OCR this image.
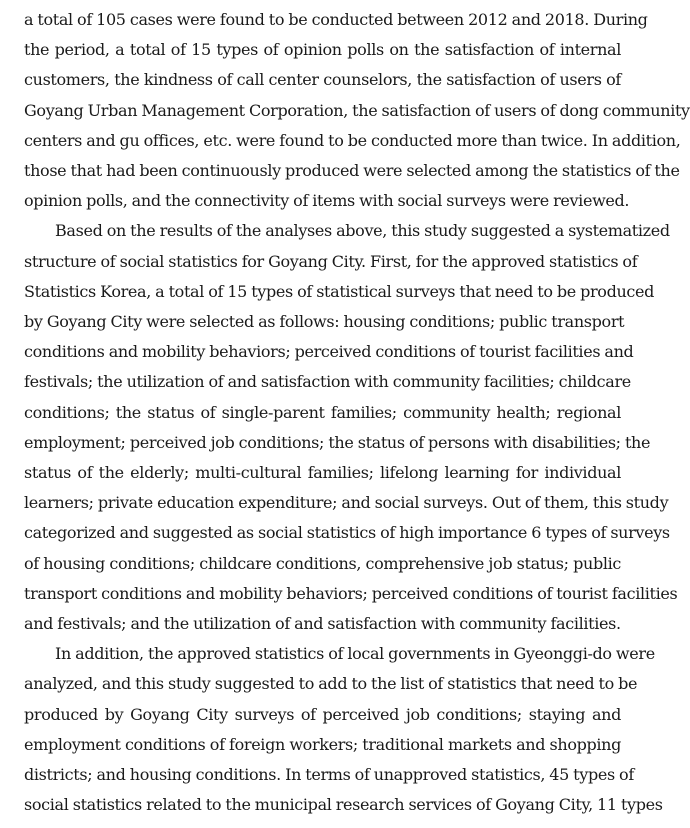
a total of 105 cases were found to be conducted between 2012 and 2018. During
the period, a total of 15 types of opinion polls on the satisfaction of internal
customers, the kindness of call center counselors, the satisfaction of users of
Goyang Urban Management Corporation, the satisfaction of users of dong community
centers and gu offices, etc. were found to be conducted more than twice. In addition,
those that had been continuously produced were selected among the statistics of the
opinion polls, and the connectivity of items with social surveys were reviewed.

Based on the results of the analyses above, this study suggested a systematized
structure of social statistics for Goyang City. First, for the approved statistics of
Statistics Korea, a total of 15 types of statistical surveys that need to be produced
by Goyang City were selected as follows: housing conditions; public transport
conditions and mobility behaviors; perceived conditions of tourist facilities and
festivals; the utilization of and satisfaction with community facilities; childcare
conditions; the status of single-parent families; community health; regional
employment; perceived job conditions; the status of persons with disabilities; the
status of the elderly; multi-cultural families; lifelong learning for individual
learners; private education expenditure; and social surveys. Out of them, this study
categorized and suggested as social statistics of high importance 6 types of surveys
of housing conditions; childcare conditions, comprehensive job status; public
transport conditions and mobility behaviors; perceived conditions of tourist facilities
and festivals; and the utilization of and satisfaction with community facilities.

In addition, the approved statistics of local governments in Gyeonggi-do were
analyzed, and this study suggested to add to the list of statistics that need to be
produced by Goyang City surveys of perceived job conditions; staying and
employment conditions of foreign workers; traditional markets and shopping
districts; and housing conditions. In terms of unapproved statistics, 45 types of
social statistics related to the municipal research services of Goyang City, 11 types
